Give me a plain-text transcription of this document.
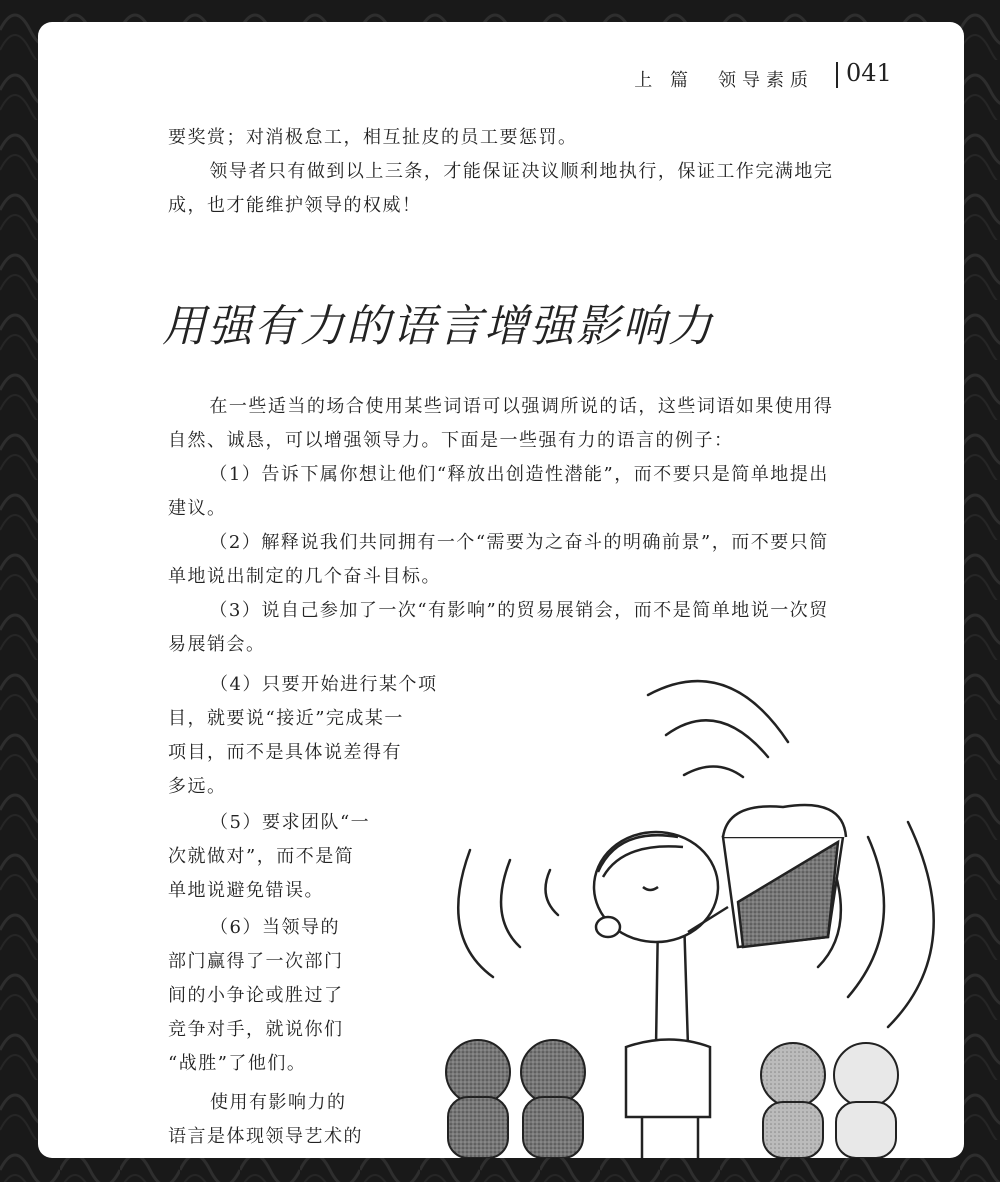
上 篇　领导素质 041

要奖赏；对消极怠工，相互扯皮的员工要惩罚。

领导者只有做到以上三条，才能保证决议顺利地执行，保证工作完满地完成，也才能维护领导的权威！

用强有力的语言增强影响力

在一些适当的场合使用某些词语可以强调所说的话，这些词语如果使用得自然、诚恳，可以增强领导力。下面是一些强有力的语言的例子：

（1）告诉下属你想让他们“释放出创造性潜能”，而不要只是简单地提出建议。

（2）解释说我们共同拥有一个“需要为之奋斗的明确前景”，而不要只简单地说出制定的几个奋斗目标。

（3）说自己参加了一次“有影响”的贸易展销会，而不是简单地说一次贸易展销会。

（4）只要开始进行某个项
目，就要说“接近”完成某一
项目，而不是具体说差得有
多远。
（5）要求团队“一
次就做对”，而不是简
单地说避免错误。
（6）当领导的
部门赢得了一次部门
间的小争论或胜过了
竞争对手，就说你们
“战胜”了他们。
使用有影响力的
语言是体现领导艺术的
